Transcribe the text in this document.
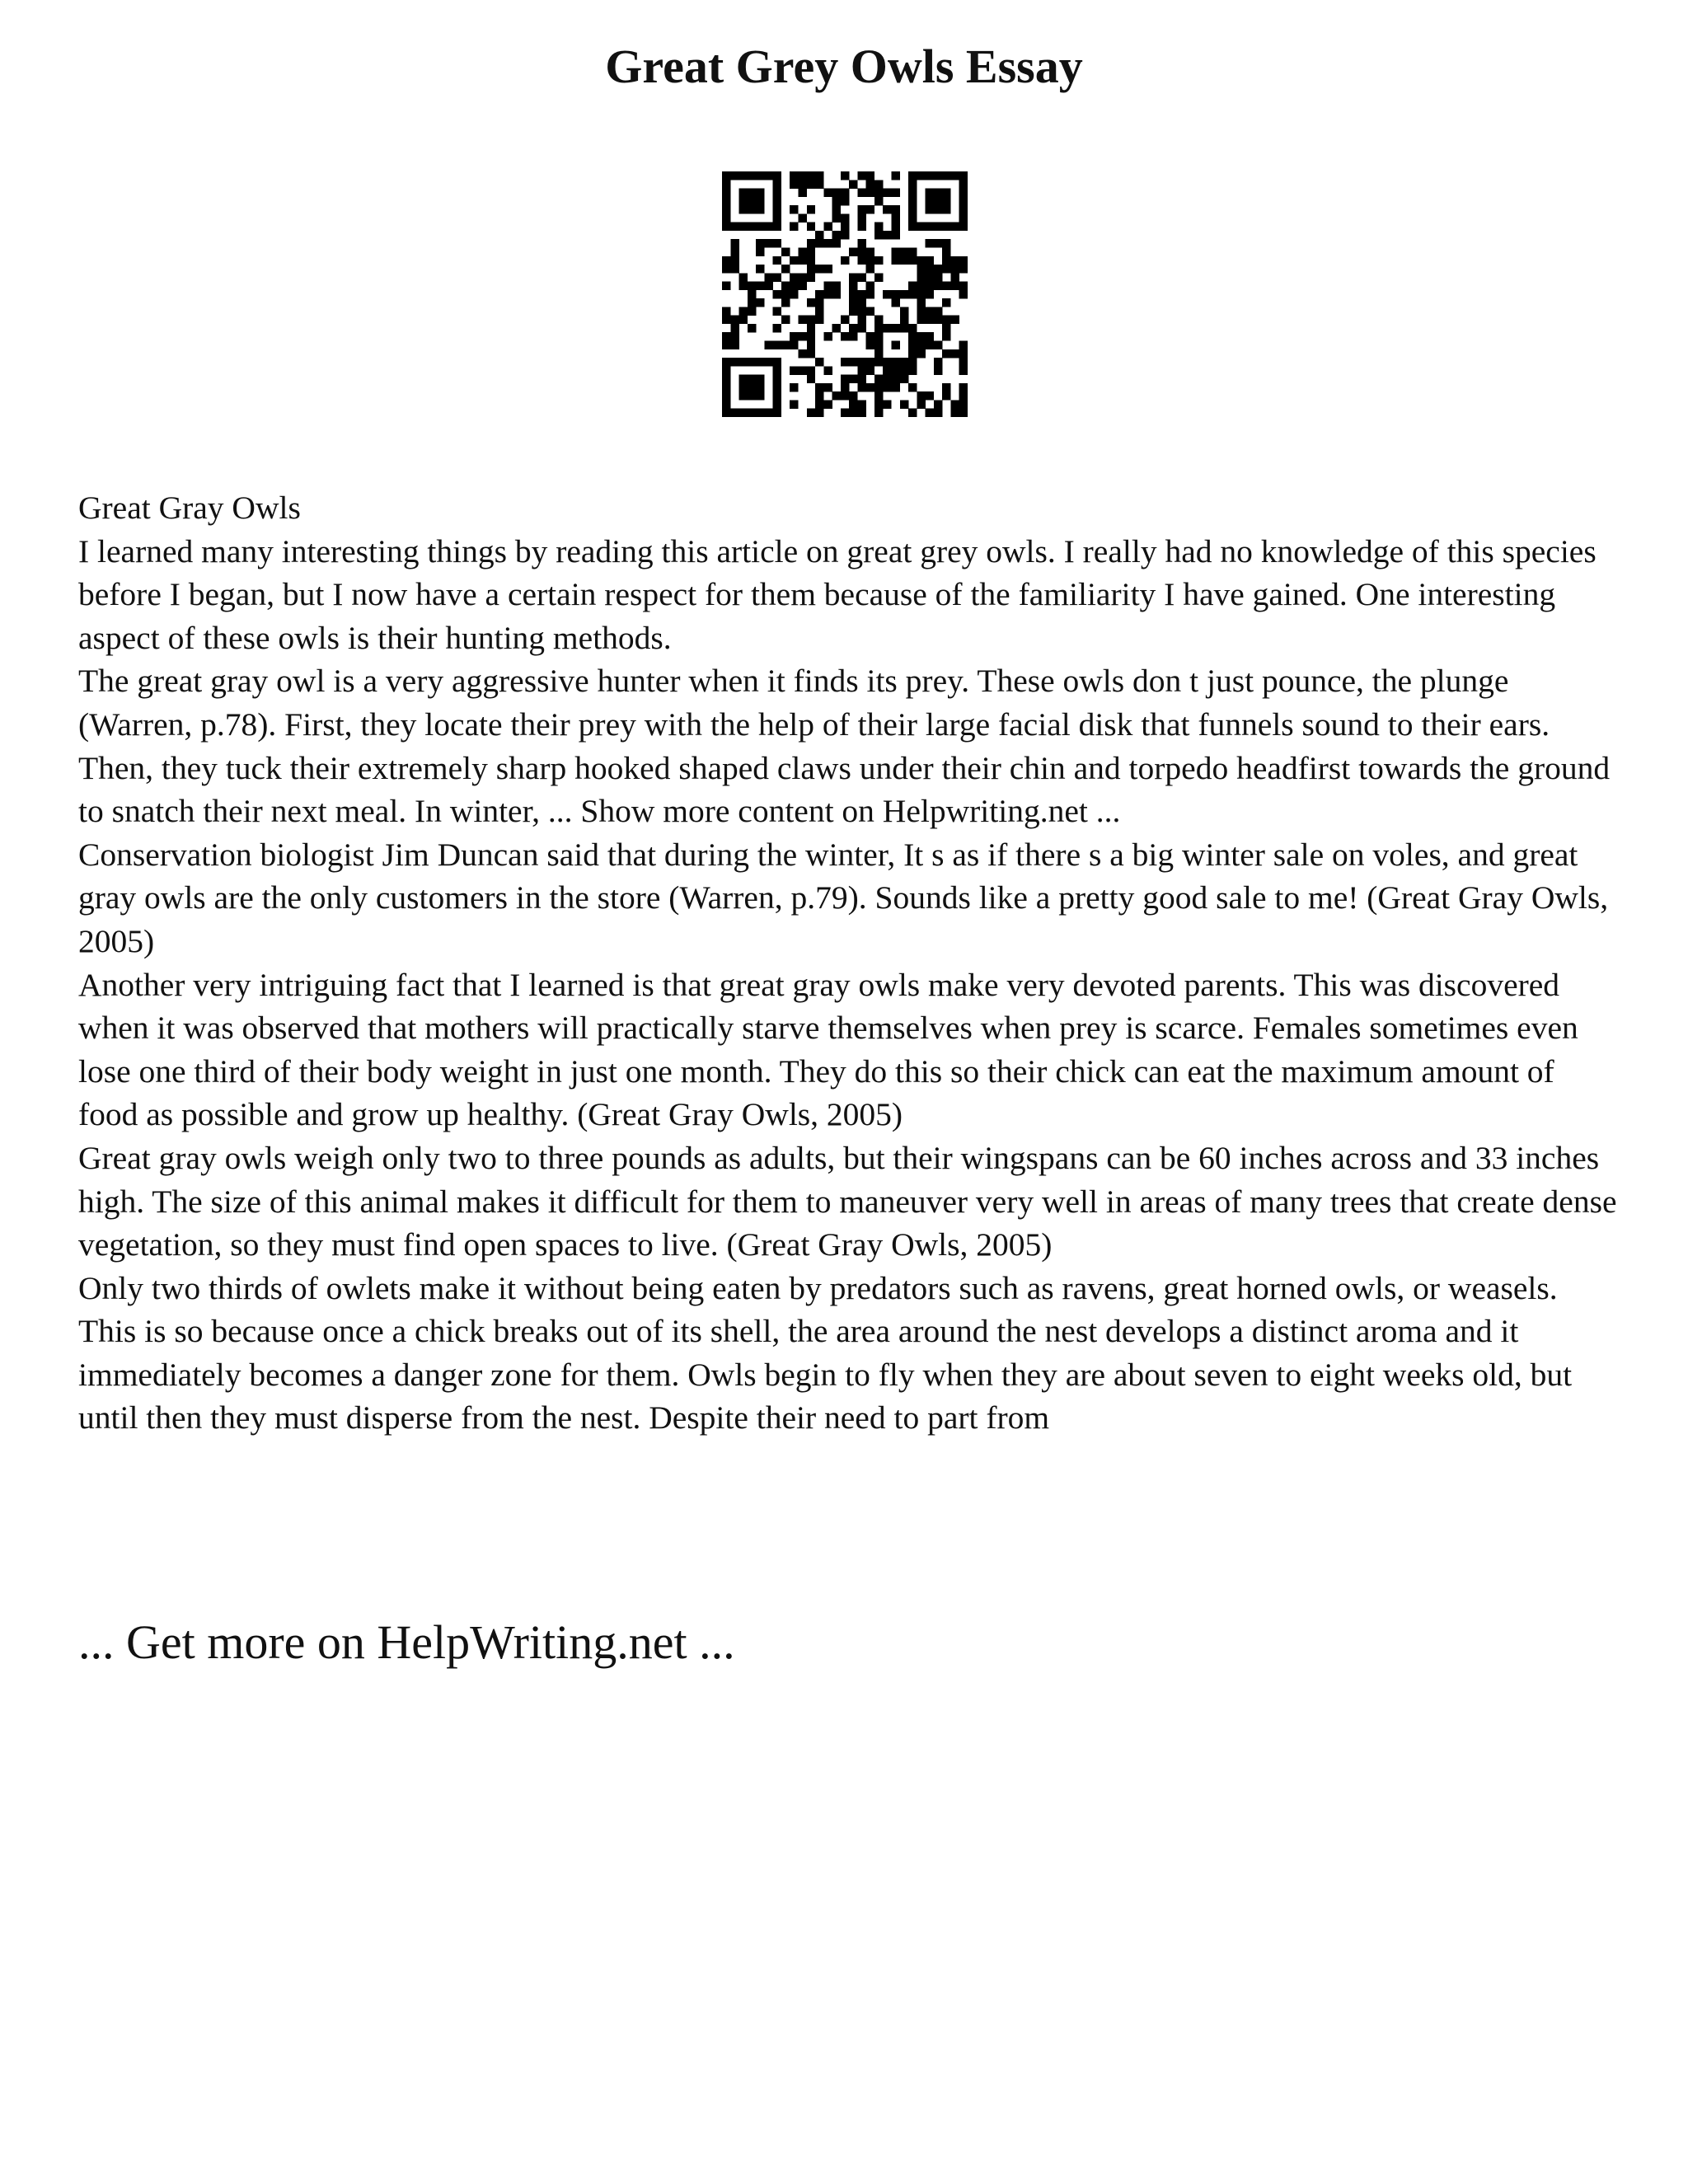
Great Grey Owls Essay

Great Gray Owls

I learned many interesting things by reading this article on great grey owls. I really had no knowledge of this species before I began, but I now have a certain respect for them because of the familiarity I have gained. One interesting aspect of these owls is their hunting methods.

The great gray owl is a very aggressive hunter when it finds its prey. These owls don t just pounce, the plunge (Warren, p.78). First, they locate their prey with the help of their large facial disk that funnels sound to their ears. Then, they tuck their extremely sharp hooked shaped claws under their chin and torpedo headfirst towards the ground to snatch their next meal. In winter, ... Show more content on Helpwriting.net ...

Conservation biologist Jim Duncan said that during the winter, It s as if there s a big winter sale on voles, and great gray owls are the only customers in the store (Warren, p.79). Sounds like a pretty good sale to me! (Great Gray Owls, 2005)

Another very intriguing fact that I learned is that great gray owls make very devoted parents. This was discovered when it was observed that mothers will practically starve themselves when prey is scarce. Females sometimes even lose one third of their body weight in just one month. They do this so their chick can eat the maximum amount of food as possible and grow up healthy. (Great Gray Owls, 2005)

Great gray owls weigh only two to three pounds as adults, but their wingspans can be 60 inches across and 33 inches high. The size of this animal makes it difficult for them to maneuver very well in areas of many trees that create dense vegetation, so they must find open spaces to live. (Great Gray Owls, 2005)

Only two thirds of owlets make it without being eaten by predators such as ravens, great horned owls, or weasels. This is so because once a chick breaks out of its shell, the area around the nest develops a distinct aroma and it immediately becomes a danger zone for them. Owls begin to fly when they are about seven to eight weeks old, but until then they must disperse from the nest. Despite their need to part from

... Get more on HelpWriting.net ...
